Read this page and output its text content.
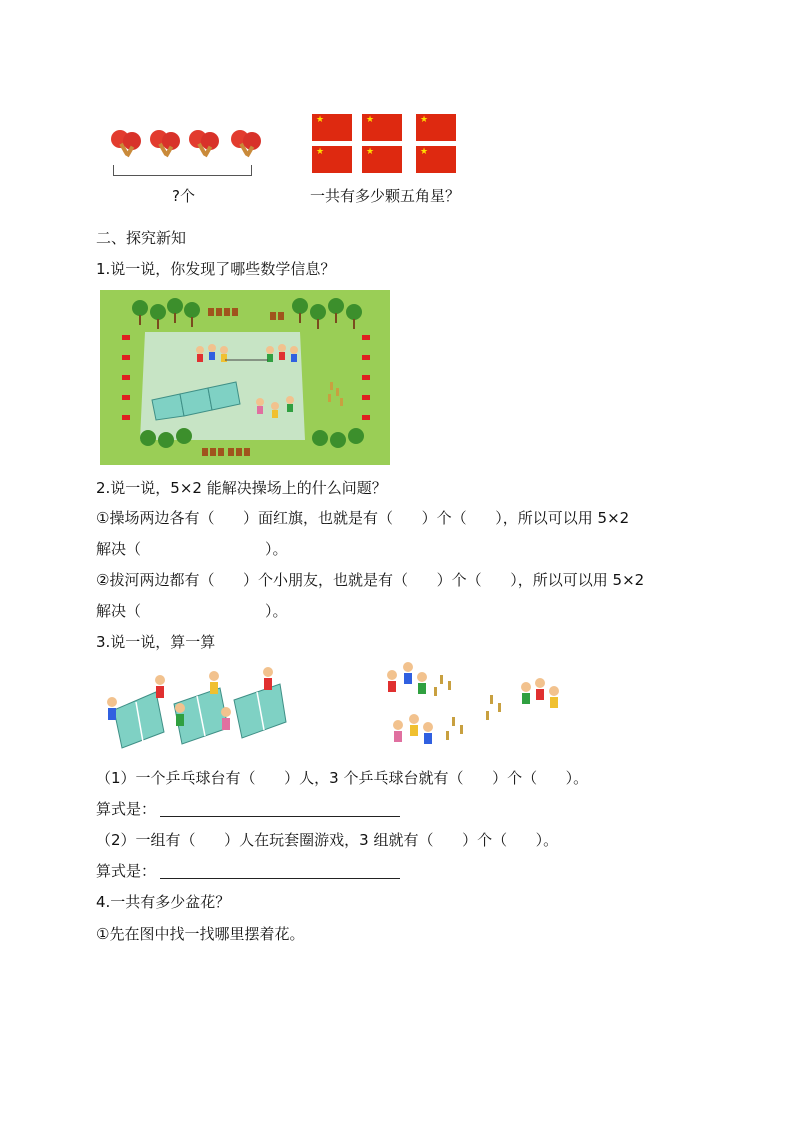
?个
★	★	★
★	★	★
一共有多少颗五角星？
二、探究新知
1.说一说，你发现了哪些数学信息？
2.说一说，5×2 能解决操场上的什么问题？
①操场两边各有（      ）面红旗，也就是有（      ）个（      ），所以可以用 5×2
解决（                          ）。
②拔河两边都有（      ）个小朋友，也就是有（      ）个（      ），所以可以用 5×2
解决（                          ）。
3.说一说，算一算
（1）一个乒乓球台有（      ）人，3 个乒乓球台就有（      ）个（      ）。
算式是：
（2）一组有（      ）人在玩套圈游戏，3 组就有（      ）个（      ）。
算式是：
4.一共有多少盆花？
①先在图中找一找哪里摆着花。
